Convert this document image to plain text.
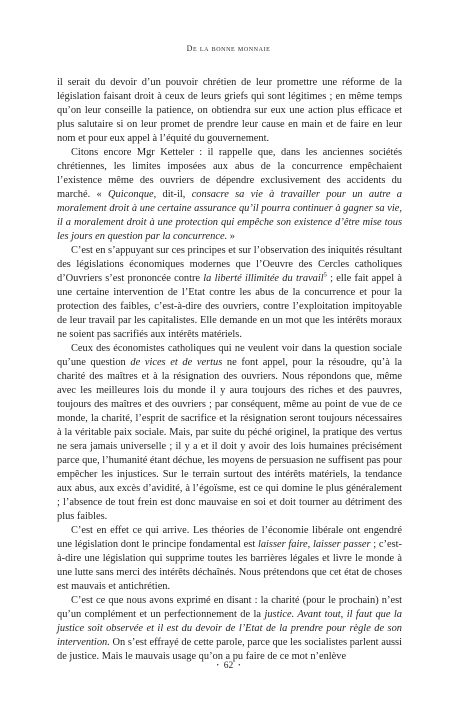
De la bonne monnaie

il serait du devoir d’un pouvoir chrétien de leur promettre une réforme de la législation faisant droit à ceux de leurs griefs qui sont légitimes ; en même temps qu’on leur conseille la patience, on obtiendra sur eux une action plus efficace et plus salutaire si on leur promet de prendre leur cause en main et de faire en leur nom et pour eux appel à l’équité du gouvernement.

Citons encore Mgr Ketteler : il rappelle que, dans les anciennes sociétés chrétiennes, les limites imposées aux abus de la concurrence empêchaient l’existence même des ouvriers de dépendre exclusivement des accidents du marché. « Quiconque, dit-il, consacre sa vie à travailler pour un autre a moralement droit à une certaine assurance qu’il pourra continuer à gagner sa vie, il a moralement droit à une protection qui empêche son existence d’être mise tous les jours en question par la concurrence. »

C’est en s’appuyant sur ces principes et sur l’observation des iniquités résultant des législations économiques modernes que l’Oeuvre des Cercles catholiques d’Ouvriers s’est prononcée contre la liberté illimitée du travail$^5$ ; elle fait appel à une certaine intervention de l’Etat contre les abus de la concurrence et pour la protection des faibles, c’est-à-dire des ouvriers, contre l’exploitation impitoyable de leur travail par les capitalistes. Elle demande en un mot que les intérêts moraux ne soient pas sacrifiés aux intérêts matériels.

Ceux des économistes catholiques qui ne veulent voir dans la question sociale qu’une question de vices et de vertus ne font appel, pour la résoudre, qu’à la charité des maîtres et à la résignation des ouvriers. Nous répondons que, même avec les meilleures lois du monde il y aura toujours des riches et des pauvres, toujours des maîtres et des ouvriers ; par conséquent, même au point de vue de ce monde, la charité, l’esprit de sacrifice et la résignation seront toujours nécessaires à la véritable paix sociale. Mais, par suite du péché originel, la pratique des vertus ne sera jamais universelle ; il y a et il doit y avoir des lois humaines précisément parce que, l’humanité étant déchue, les moyens de persuasion ne suffisent pas pour empêcher les injustices. Sur le terrain surtout des intérêts matériels, la tendance aux abus, aux excès d’avidité, à l’égoïsme, est ce qui domine le plus généralement ; l’absence de tout frein est donc mauvaise en soi et doit tourner au détriment des plus faibles.

C’est en effet ce qui arrive. Les théories de l’économie libérale ont engendré une législation dont le principe fondamental est laisser faire, laisser passer ; c’est-à-dire une législation qui supprime toutes les barrières légales et livre le monde à une lutte sans merci des intérêts déchaînés. Nous prétendons que cet état de choses est mauvais et antichrétien.

C’est ce que nous avons exprimé en disant : la charité (pour le prochain) n’est qu’un complément et un perfectionnement de la justice. Avant tout, il faut que la justice soit observée et il est du devoir de l’Etat de la prendre pour règle de son intervention. On s’est effrayé de cette parole, parce que les socialistes parlent aussi de justice. Mais le mauvais usage qu’on a pu faire de ce mot n’enlève

• 62 •
